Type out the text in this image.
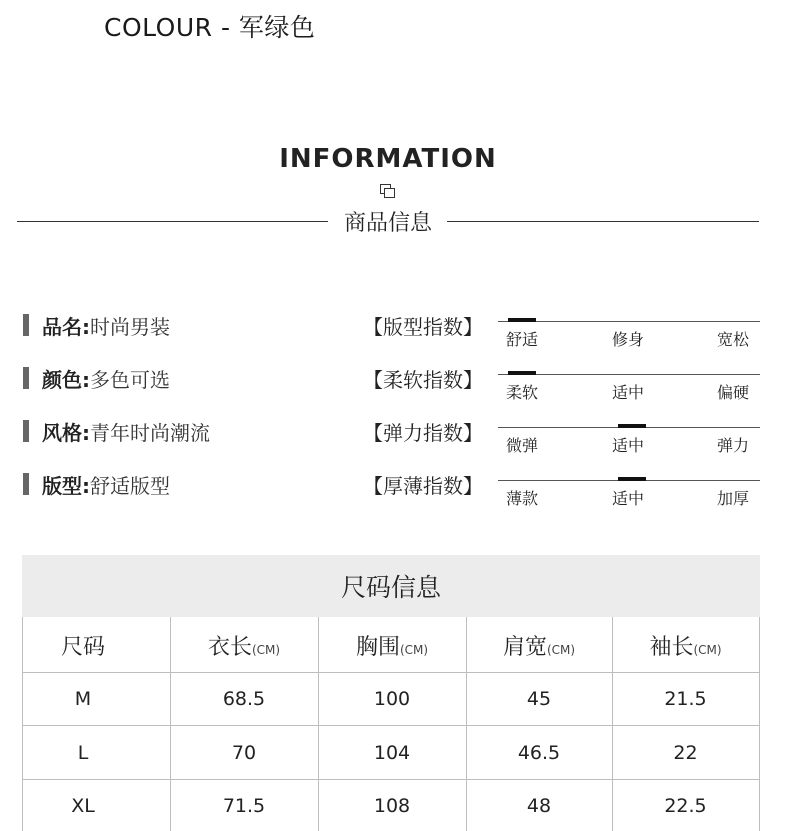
COLOUR - 军绿色
INFORMATION
商品信息
品名: 时尚男装
颜色: 多色可选
风格: 青年时尚潮流
版型: 舒适版型
【版型指数】
舒适	修身	宽松
【柔软指数】
柔软	适中	偏硬
【弹力指数】
微弹	适中	弹力
【厚薄指数】
薄款	适中	加厚
尺码信息
尺码	衣长(CM)	胸围(CM)	肩宽(CM)	袖长(CM)
M	68.5	100	45	21.5
L	70	104	46.5	22
XL	71.5	108	48	22.5
